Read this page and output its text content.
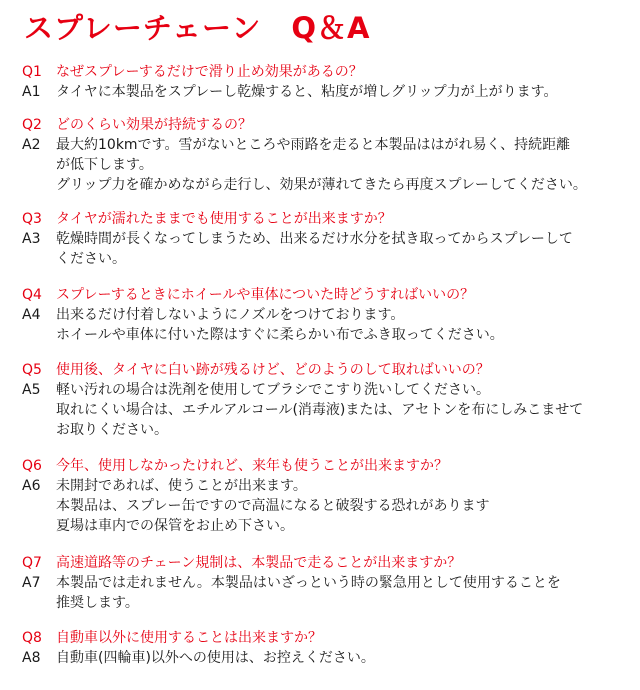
スプレーチェーン　Q＆A
Q1	なぜスプレーするだけで滑り止め効果があるの？
A1	タイヤに本製品をスプレーし乾燥すると、粘度が増しグリップ力が上がります。
Q2	どのくらい効果が持続するの？
A2	最大約10kmです。雪がないところや雨路を走ると本製品ははがれ易く、持続距離
が低下します。
グリップ力を確かめながら走行し、効果が薄れてきたら再度スプレーしてください。
Q3	タイヤが濡れたままでも使用することが出来ますか？
A3	乾燥時間が長くなってしまうため、出来るだけ水分を拭き取ってからスプレーして
ください。
Q4	スプレーするときにホイールや車体についた時どうすればいいの？
A4	出来るだけ付着しないようにノズルをつけております。
ホイールや車体に付いた際はすぐに柔らかい布でふき取ってください。
Q5	使用後、タイヤに白い跡が残るけど、どのようのして取ればいいの？
A5	軽い汚れの場合は洗剤を使用してブラシでこすり洗いしてください。
取れにくい場合は、エチルアルコール(消毒液)または、アセトンを布にしみこませて
お取りください。
Q6	今年、使用しなかったけれど、来年も使うことが出来ますか？
A6	未開封であれば、使うことが出来ます。
本製品は、スプレー缶ですので高温になると破裂する恐れがあります
夏場は車内での保管をお止め下さい。
Q7	高速道路等のチェーン規制は、本製品で走ることが出来ますか？
A7	本製品では走れません。本製品はいざっという時の緊急用として使用することを
推奨します。
Q8	自動車以外に使用することは出来ますか？
A8	自動車(四輪車)以外への使用は、お控えください。
